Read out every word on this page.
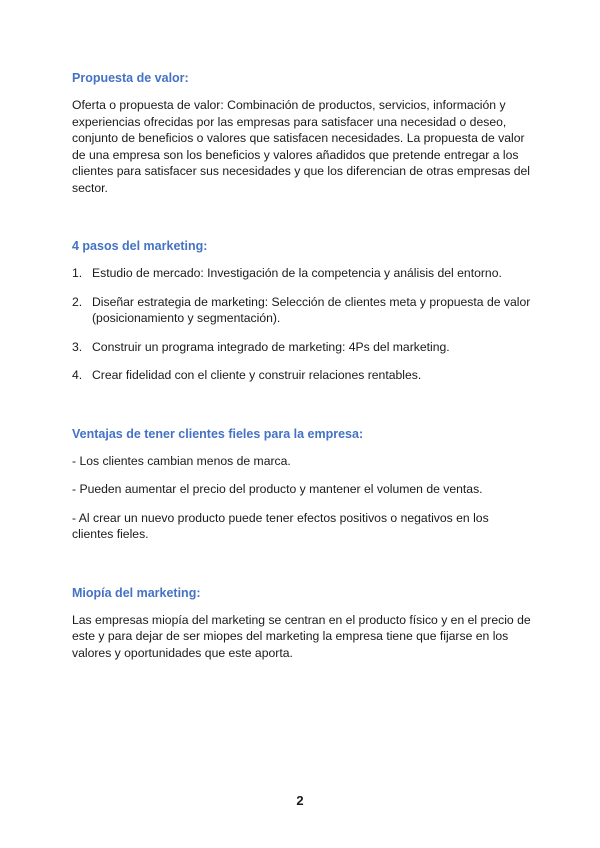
Propuesta de valor:

Oferta o propuesta de valor: Combinación de productos, servicios, información y experiencias ofrecidas por las empresas para satisfacer una necesidad o deseo, conjunto de beneficios o valores que satisfacen necesidades. La propuesta de valor de una empresa son los beneficios y valores añadidos que pretende entregar a los clientes para satisfacer sus necesidades y que los diferencian de otras empresas del sector.

4 pasos del marketing:
1. Estudio de mercado: Investigación de la competencia y análisis del entorno.
2. Diseñar estrategia de marketing: Selección de clientes meta y propuesta de valor (posicionamiento y segmentación).
3. Construir un programa integrado de marketing: 4Ps del marketing.
4. Crear fidelidad con el cliente y construir relaciones rentables.
Ventajas de tener clientes fieles para la empresa:

- Los clientes cambian menos de marca.

- Pueden aumentar el precio del producto y mantener el volumen de ventas.

- Al crear un nuevo producto puede tener efectos positivos o negativos en los clientes fieles.

Miopía del marketing:

Las empresas miopía del marketing se centran en el producto físico y en el precio de este y para dejar de ser miopes del marketing la empresa tiene que fijarse en los valores y oportunidades que este aporta.

2
